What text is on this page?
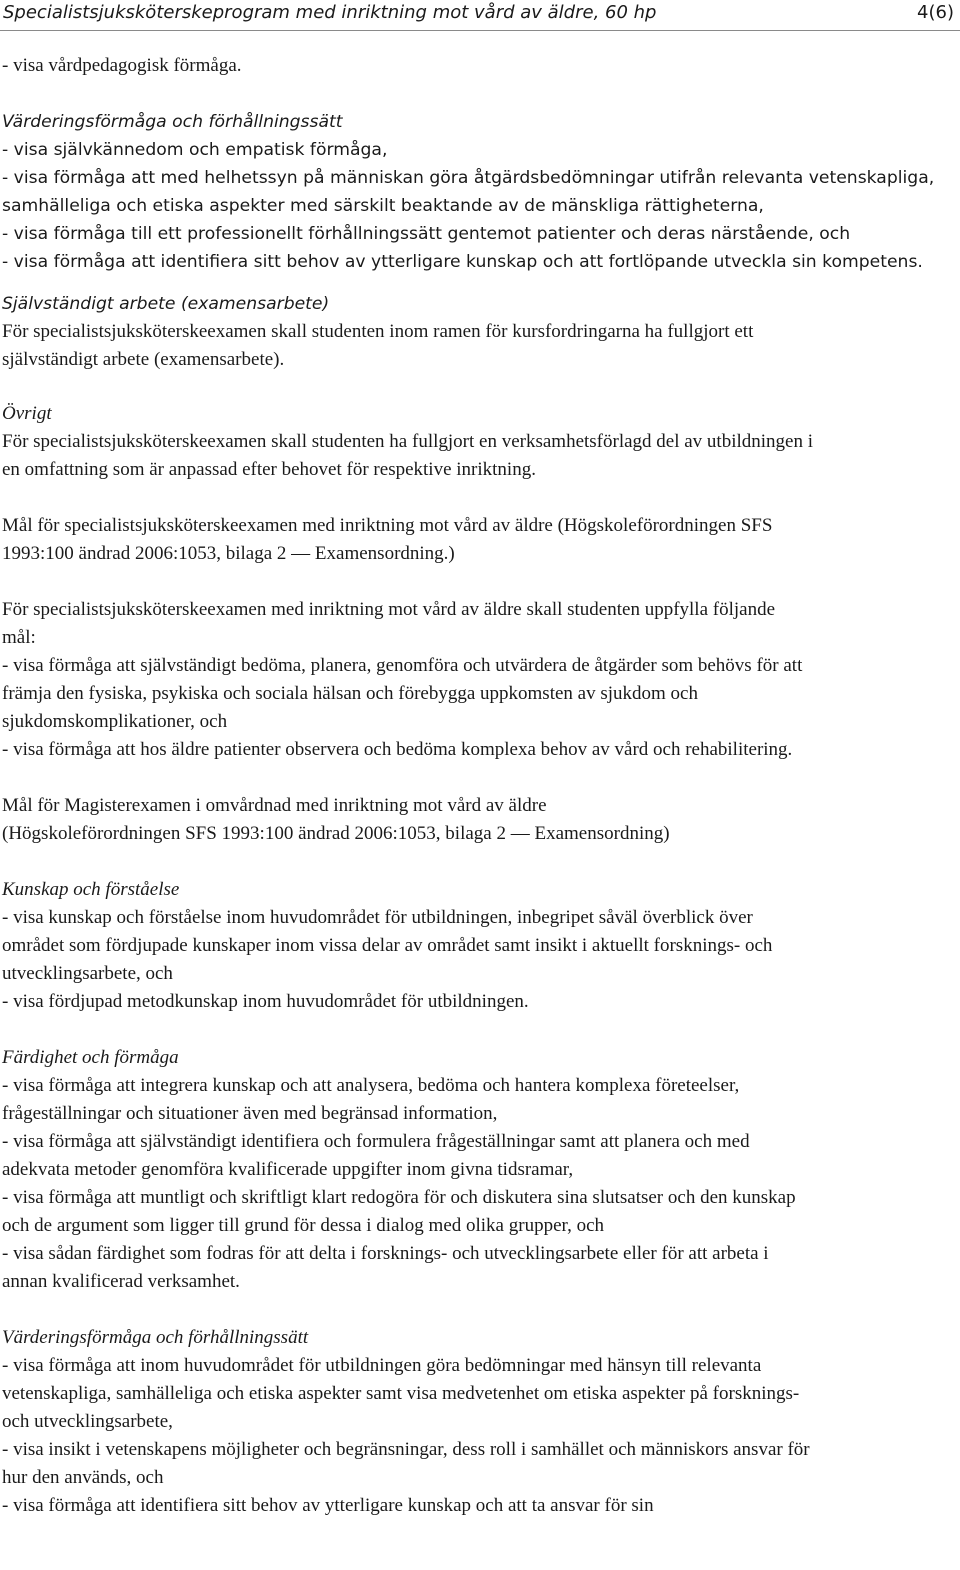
Specialistsjuksköterskeprogram med inriktning mot vård av äldre, 60 hp	4(6)

- visa vårdpedagogisk förmåga.

Värderingsförmåga och förhållningssätt

- visa självkännedom och empatisk förmåga,

- visa förmåga att med helhetssyn på människan göra åtgärdsbedömningar utifrån relevanta vetenskapliga,

samhälleliga och etiska aspekter med särskilt beaktande av de mänskliga rättigheterna,

- visa förmåga till ett professionellt förhållningssätt gentemot patienter och deras närstående, och

- visa förmåga att identifiera sitt behov av ytterligare kunskap och att fortlöpande utveckla sin kompetens.

Självständigt arbete (examensarbete)

För specialistsjuksköterskeexamen skall studenten inom ramen för kursfordringarna ha fullgjort ett

självständigt arbete (examensarbete).

Övrigt

För specialistsjuksköterskeexamen skall studenten ha fullgjort en verksamhetsförlagd del av utbildningen i

en omfattning som är anpassad efter behovet för respektive inriktning.

Mål för specialistsjuksköterskeexamen med inriktning mot vård av äldre (Högskoleförordningen SFS

1993:100 ändrad 2006:1053, bilaga 2 — Examensordning.)

För specialistsjuksköterskeexamen med inriktning mot vård av äldre skall studenten uppfylla följande

mål:

- visa förmåga att självständigt bedöma, planera, genomföra och utvärdera de åtgärder som behövs för att

främja den fysiska, psykiska och sociala hälsan och förebygga uppkomsten av sjukdom och

sjukdomskomplikationer, och

- visa förmåga att hos äldre patienter observera och bedöma komplexa behov av vård och rehabilitering.

Mål för Magisterexamen i omvårdnad med inriktning mot vård av äldre

(Högskoleförordningen SFS 1993:100 ändrad 2006:1053, bilaga 2 — Examensordning)

Kunskap och förståelse

- visa kunskap och förståelse inom huvudområdet för utbildningen, inbegripet såväl överblick över

området som fördjupade kunskaper inom vissa delar av området samt insikt i aktuellt forsknings- och

utvecklingsarbete, och

- visa fördjupad metodkunskap inom huvudområdet för utbildningen.

Färdighet och förmåga

- visa förmåga att integrera kunskap och att analysera, bedöma och hantera komplexa företeelser,

frågeställningar och situationer även med begränsad information,

- visa förmåga att självständigt identifiera och formulera frågeställningar samt att planera och med

adekvata metoder genomföra kvalificerade uppgifter inom givna tidsramar,

- visa förmåga att muntligt och skriftligt klart redogöra för och diskutera sina slutsatser och den kunskap

och de argument som ligger till grund för dessa i dialog med olika grupper, och

- visa sådan färdighet som fodras för att delta i forsknings- och utvecklingsarbete eller för att arbeta i

annan kvalificerad verksamhet.

Värderingsförmåga och förhållningssätt

- visa förmåga att inom huvudområdet för utbildningen göra bedömningar med hänsyn till relevanta

vetenskapliga, samhälleliga och etiska aspekter samt visa medvetenhet om etiska aspekter på forsknings-

och utvecklingsarbete,

- visa insikt i vetenskapens möjligheter och begränsningar, dess roll i samhället och människors ansvar för

hur den används, och

- visa förmåga att identifiera sitt behov av ytterligare kunskap och att ta ansvar för sin
